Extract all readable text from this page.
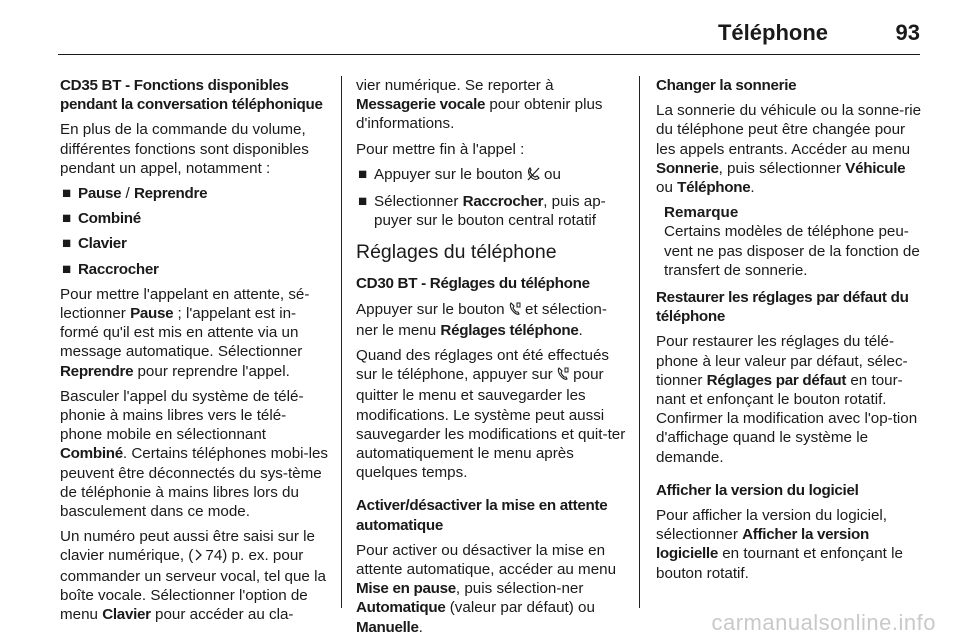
Téléphone	93

CD35 BT - Fonctions disponibles pendant la conversation téléphonique

En plus de la commande du volume, différentes fonctions sont disponibles pendant un appel, notamment :

■ Pause / Reprendre
■ Combiné
■ Clavier
■ Raccrocher

Pour mettre l'appelant en attente, sé-lectionner Pause ; l'appelant est in-formé qu'il est mis en attente via un message automatique. Sélectionner Reprendre pour reprendre l'appel.

Basculer l'appel du système de télé-phonie à mains libres vers le télé-phone mobile en sélectionnant Combiné. Certains téléphones mobi-les peuvent être déconnectés du sys-tème de téléphonie à mains libres lors du basculement dans ce mode.

Un numéro peut aussi être saisi sur le clavier numérique, ( 74) p. ex. pour commander un serveur vocal, tel que la boîte vocale. Sélectionner l'option de menu Clavier pour accéder au cla-

vier numérique. Se reporter à Messagerie vocale pour obtenir plus d'informations.

Pour mettre fin à l'appel :

■ Appuyer sur le bouton  ou
■ Sélectionner Raccrocher, puis ap-puyer sur le bouton central rotatif
Réglages du téléphone

CD30 BT - Réglages du téléphone

Appuyer sur le bouton  et sélection-ner le menu Réglages téléphone.

Quand des réglages ont été effectués sur le téléphone, appuyer sur  pour quitter le menu et sauvegarder les modifications. Le système peut aussi sauvegarder les modifications et quit-ter automatiquement le menu après quelques temps.

Activer/désactiver la mise en attente automatique

Pour activer ou désactiver la mise en attente automatique, accéder au menu Mise en pause, puis sélection-ner Automatique (valeur par défaut) ou Manuelle.

Changer la sonnerie

La sonnerie du véhicule ou la sonne-rie du téléphone peut être changée pour les appels entrants. Accéder au menu Sonnerie, puis sélectionner Véhicule ou Téléphone.

Remarque
Certains modèles de téléphone peu-vent ne pas disposer de la fonction de transfert de sonnerie.

Restaurer les réglages par défaut du téléphone

Pour restaurer les réglages du télé-phone à leur valeur par défaut, sélec-tionner Réglages par défaut en tour-nant et enfonçant le bouton rotatif. Confirmer la modification avec l'op-tion d'affichage quand le système le demande.

Afficher la version du logiciel

Pour afficher la version du logiciel, sélectionner Afficher la version logicielle en tournant et enfonçant le bouton rotatif.

carmanualsonline.info
